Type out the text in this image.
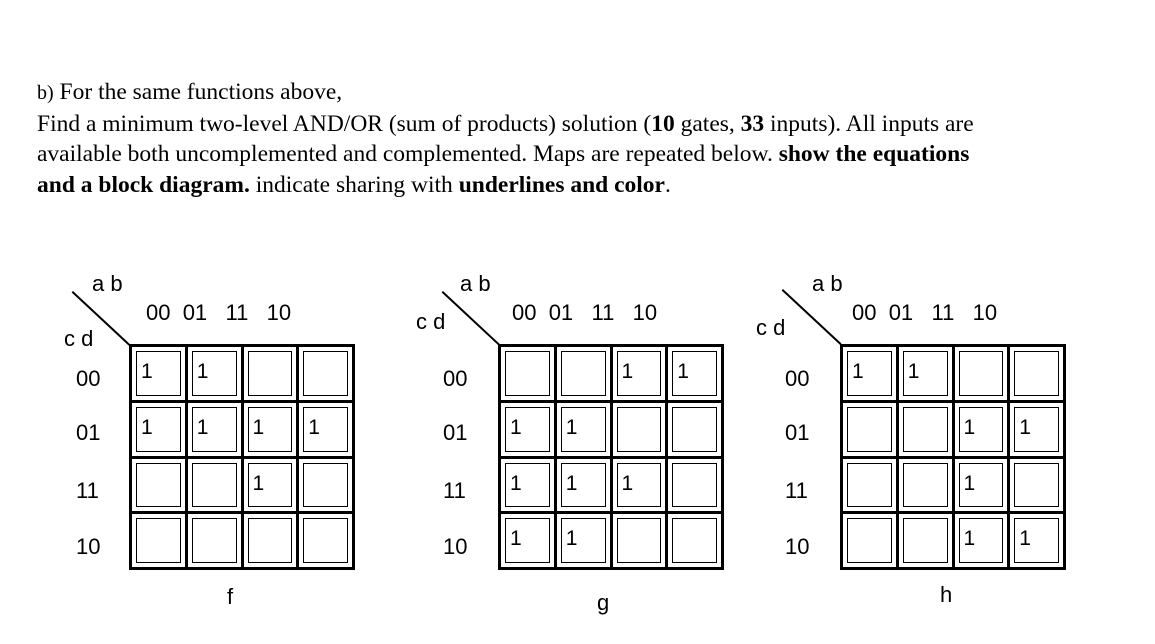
b) For the same functions above,
Find a minimum two-level AND/OR (sum of products) solution (10 gates, 33 inputs). All inputs are
available both uncomplemented and complemented. Maps are repeated below. show the equations
and a block diagram. indicate sharing with underlines and color.
a b
00  01   11   10
c d
00
01
11
10
1 1
1 1 1 1
1
f
a b
00  01   11   10
c d
00
01
11
10
1 1
1 1
1 1 1
1 1
g
a b
00  01   11   10
c d
00
01
11
10
1 1
1 1
1
1 1
h
